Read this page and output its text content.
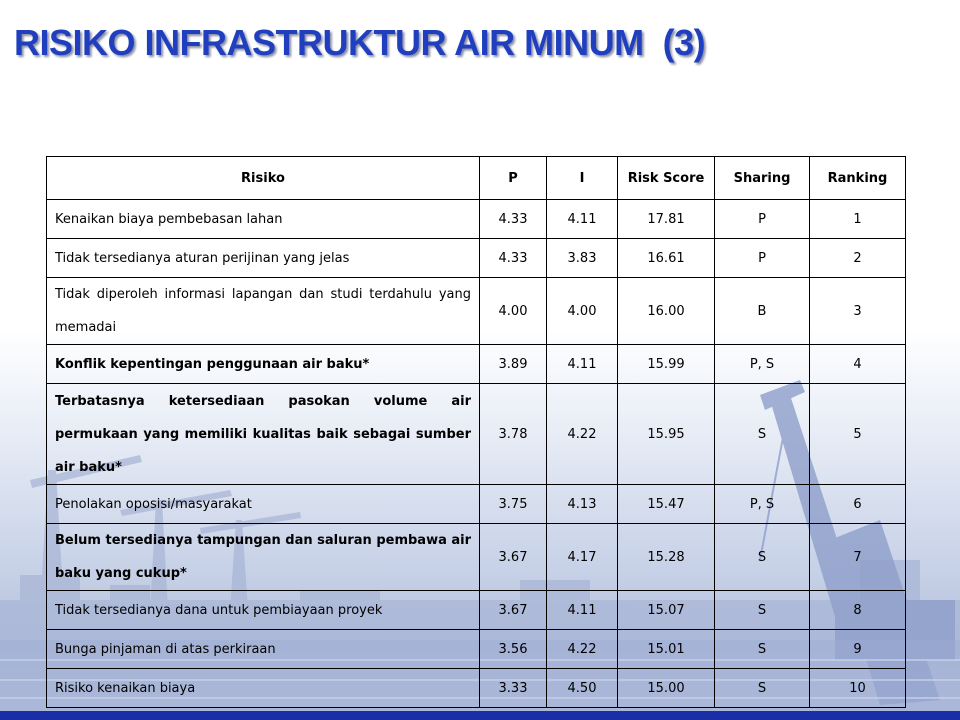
RISIKO INFRASTRUKTUR AIR MINUM  (3)
Risiko	P	I	Risk Score	Sharing	Ranking
Kenaikan biaya pembebasan lahan	4.33	4.11	17.81	P	1
Tidak tersedianya aturan perijinan yang jelas	4.33	3.83	16.61	P	2
Tidak diperoleh informasi lapangan dan studi terdahulu yang memadai	4.00	4.00	16.00	B	3
Konflik kepentingan penggunaan air baku*	3.89	4.11	15.99	P, S	4
Terbatasnya ketersediaan pasokan volume air permukaan yang memiliki kualitas baik sebagai sumber air baku*	3.78	4.22	15.95	S	5
Penolakan oposisi/masyarakat	3.75	4.13	15.47	P, S	6
Belum tersedianya tampungan dan saluran pembawa air baku yang cukup*	3.67	4.17	15.28	S	7
Tidak tersedianya dana untuk pembiayaan proyek	3.67	4.11	15.07	S	8
Bunga pinjaman di atas perkiraan	3.56	4.22	15.01	S	9
Risiko kenaikan biaya	3.33	4.50	15.00	S	10
